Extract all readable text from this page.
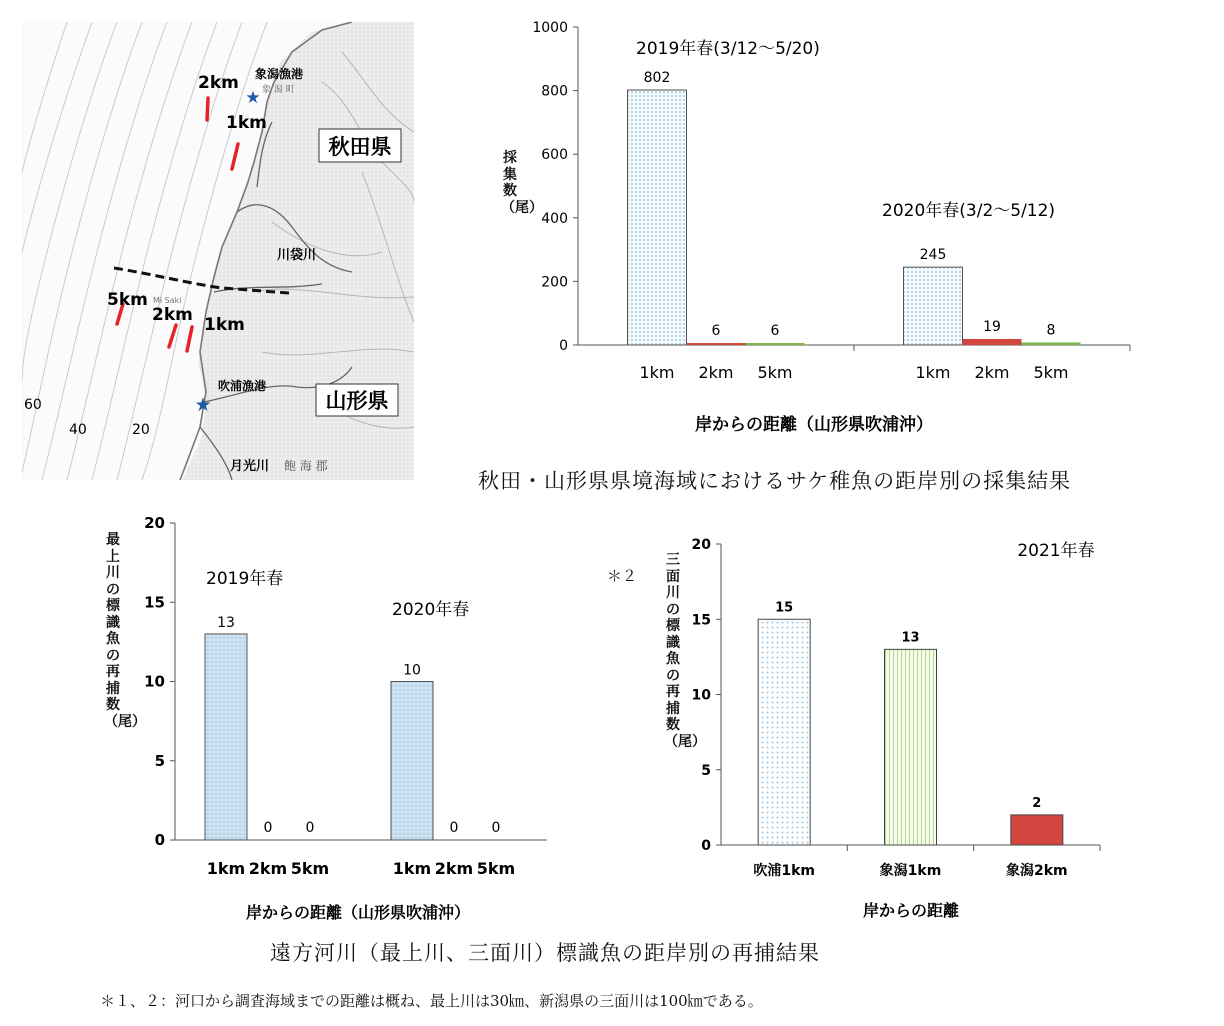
★
★
象潟漁港
象 潟 町
2km
1km
5km
2km 1km
Mi Saki
秋田県
山形県
川袋川
吹浦漁港
月光川 飽 海 郡
60
40	20
0
200
400
600
800
1000
802
1km
6
2km
6
5km
245
1km
19
2km
8
5km
2019年春(3/12〜5/20)
2020年春(3/2〜5/12)
岸からの距離（山形県吹浦沖）
採集数（尾）
秋田・山形県県境海域におけるサケ稚魚の距岸別の採集結果
0
5
10
15
20
13
1km
0
2km
0
5km
10
1km
0
2km
0
5km
2019年春
2020年春
岸からの距離（山形県吹浦沖）
最上川の標識魚の再捕数（尾）
0
5
10
15
20
15
吹浦1km
13
象潟1km
2
象潟2km
2021年春
岸からの距離
三面川の標識魚の再捕数（尾）
＊２
遠方河川（最上川、三面川）標識魚の距岸別の再捕結果
＊１、２：河口から調査海域までの距離は概ね、最上川は30㎞、新潟県の三面川は100㎞である。
